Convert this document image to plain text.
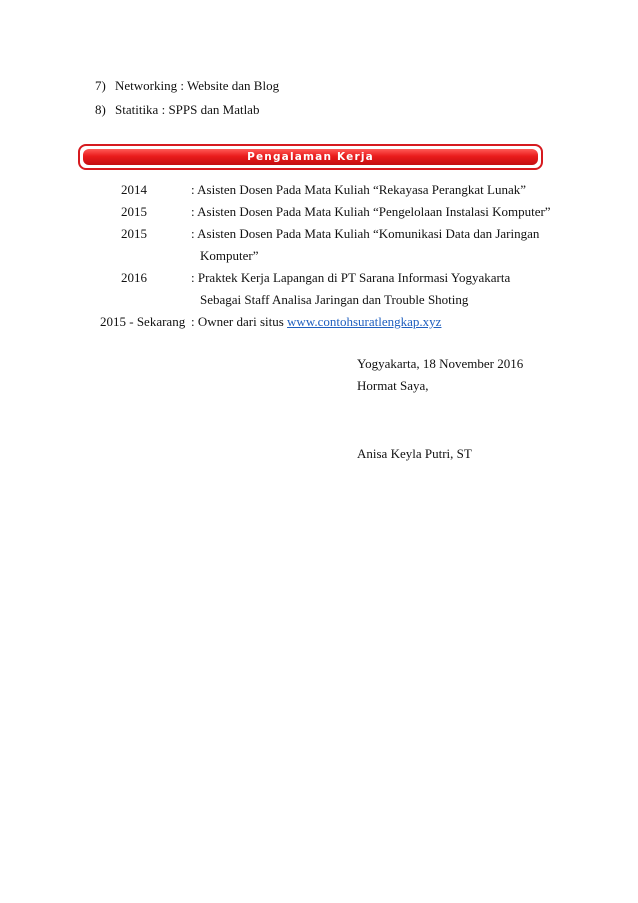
7) Networking : Website dan Blog
8) Statitika : SPPS dan Matlab
Pengalaman Kerja
2014	: Asisten Dosen Pada Mata Kuliah “Rekayasa Perangkat Lunak”
2015	: Asisten Dosen Pada Mata Kuliah “Pengelolaan Instalasi Komputer”
2015	: Asisten Dosen Pada Mata Kuliah “Komunikasi Data dan Jaringan
Komputer”
2016	: Praktek Kerja Lapangan di PT Sarana Informasi Yogyakarta
Sebagai Staff Analisa Jaringan dan Trouble Shoting
2015 - Sekarang : Owner dari situs www.contohsuratlengkap.xyz
Yogyakarta, 18 November 2016
Hormat Saya,
Anisa Keyla Putri, ST
